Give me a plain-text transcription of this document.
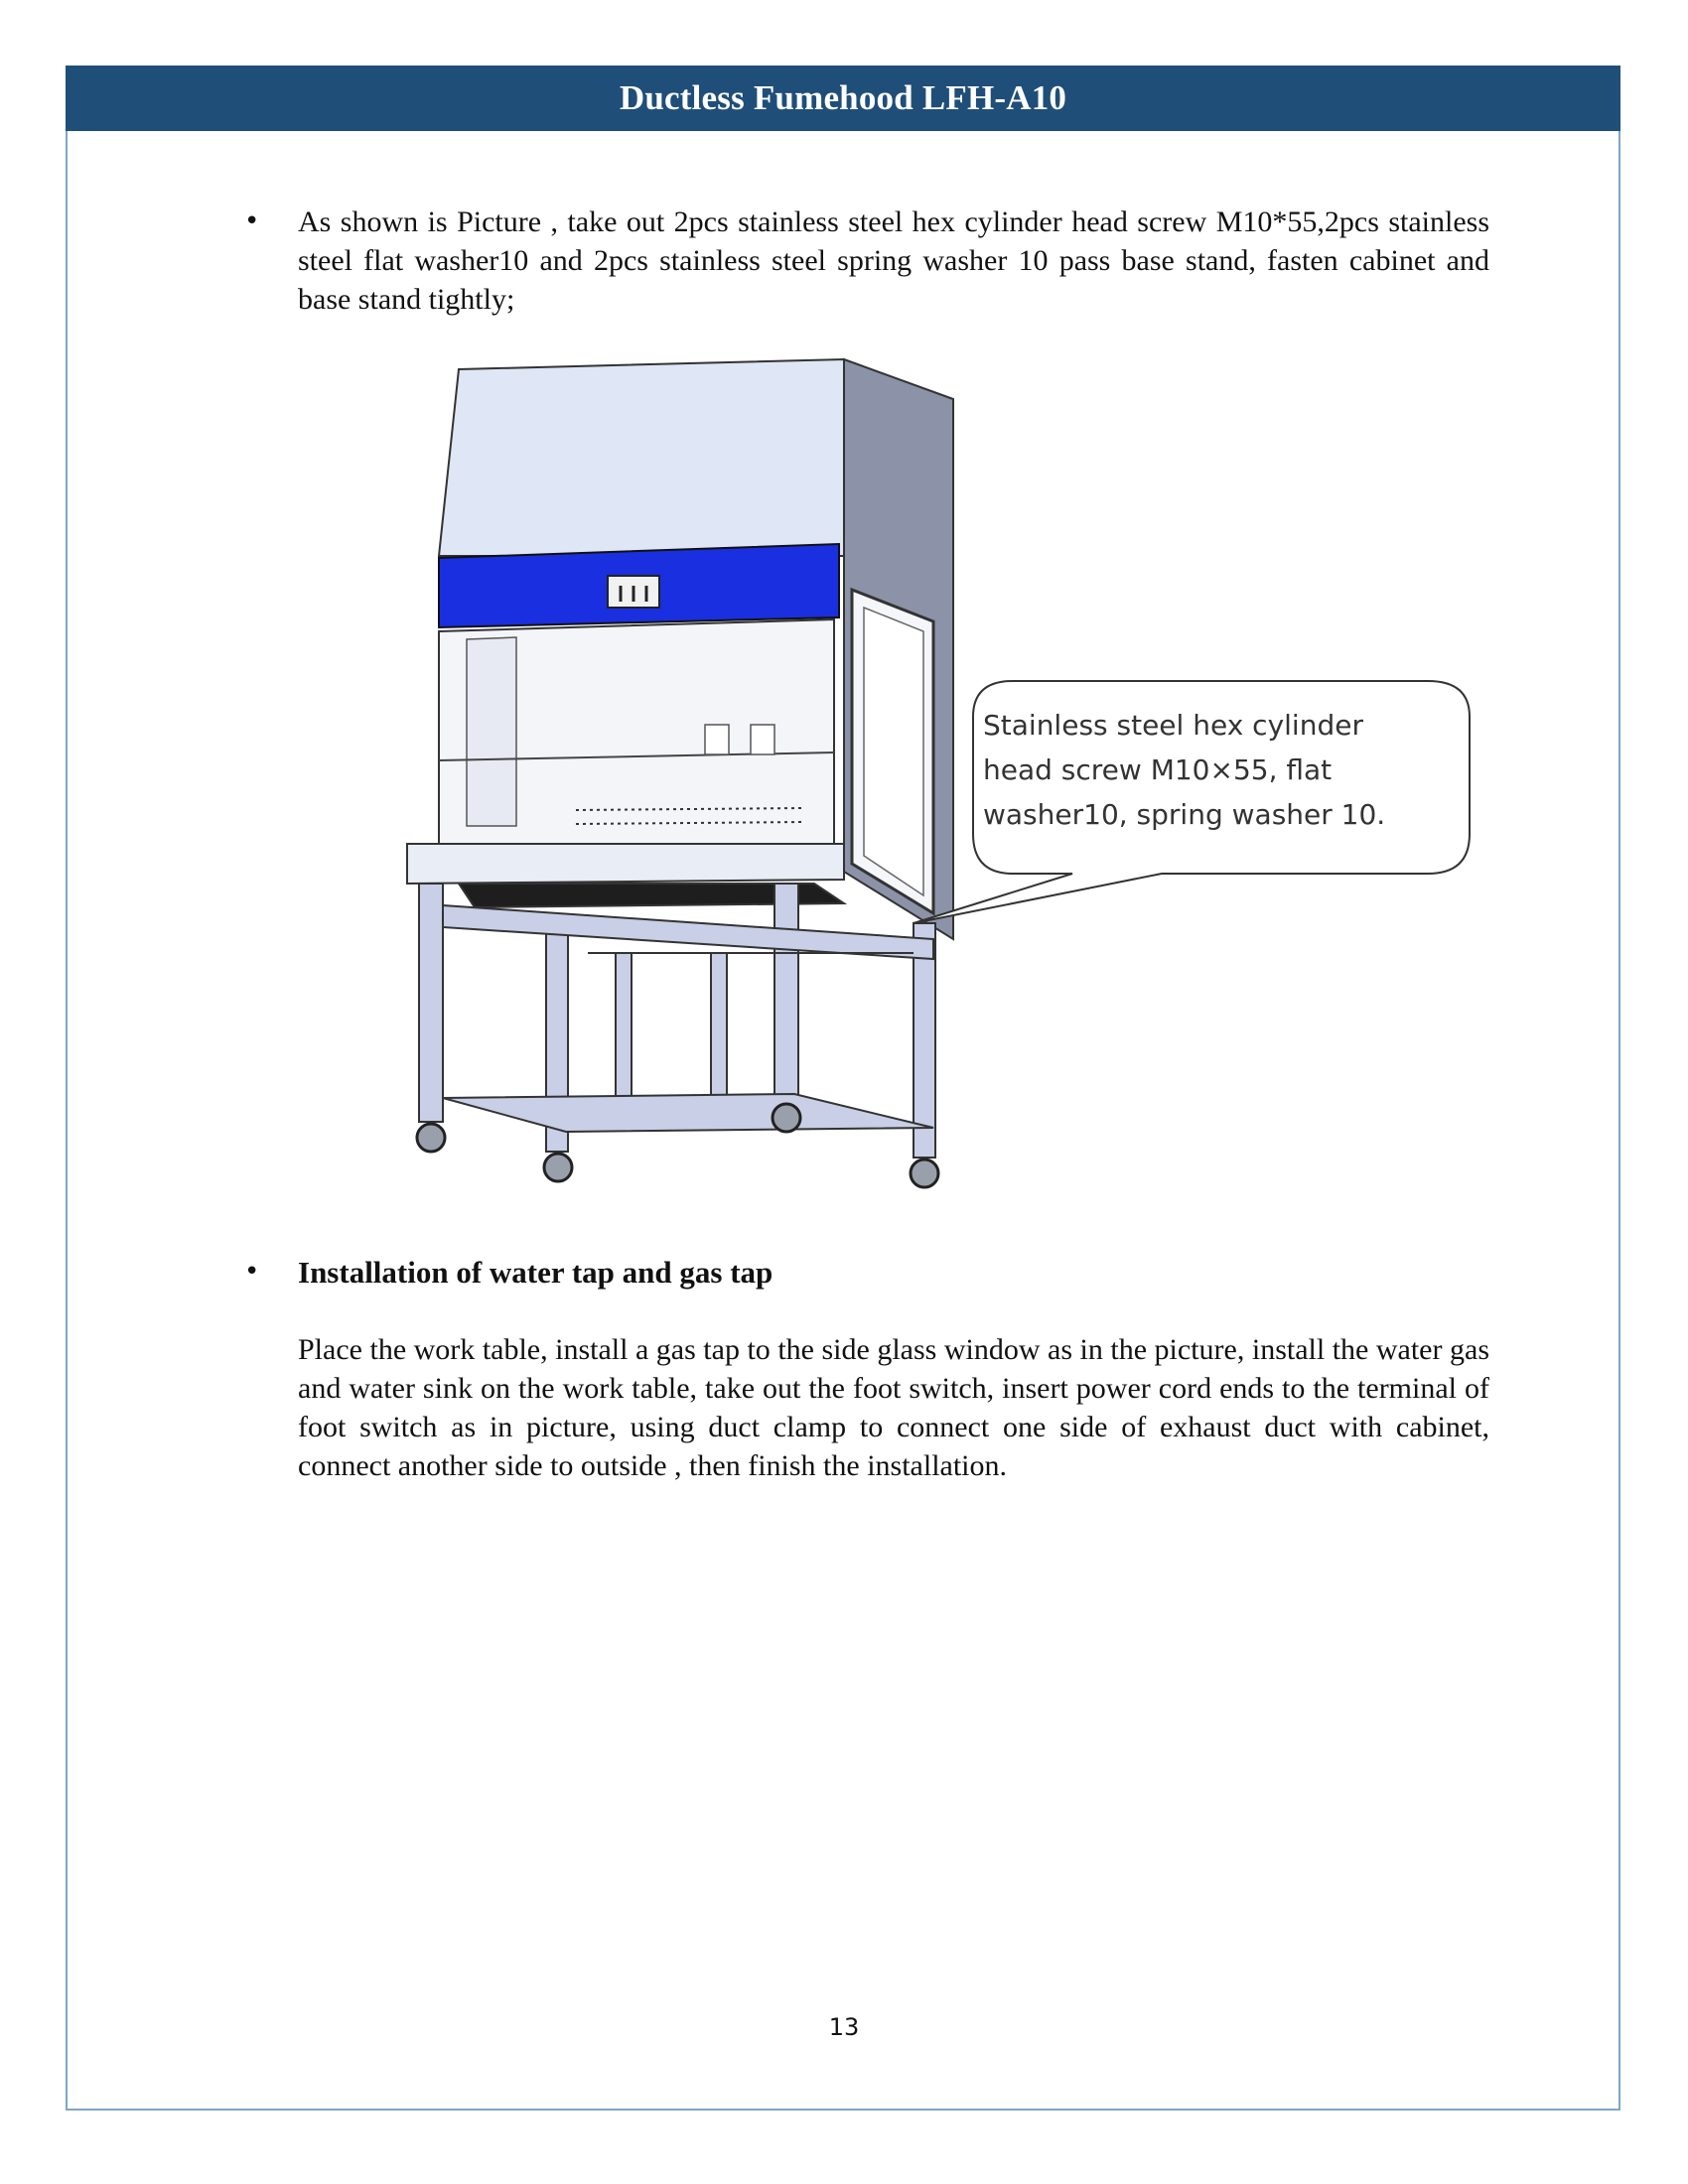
Ductless Fumehood LFH-A10
• As shown is Picture , take out 2pcs stainless steel hex cylinder head screw M10*55,2pcs stainless steel flat washer10 and 2pcs stainless steel spring washer 10 pass base stand, fasten cabinet and base stand tightly;
Stainless steel hex cylinder
head screw M10×55, flat
washer10, spring washer 10.
• Installation of water tap and gas tap
Place the work table, install a gas tap to the side glass window as in the picture, install the water gas and water sink on the work table, take out the foot switch, insert power cord ends to the terminal of foot switch as in picture, using duct clamp to connect one side of exhaust duct with cabinet, connect another side to outside , then finish the installation.
13
